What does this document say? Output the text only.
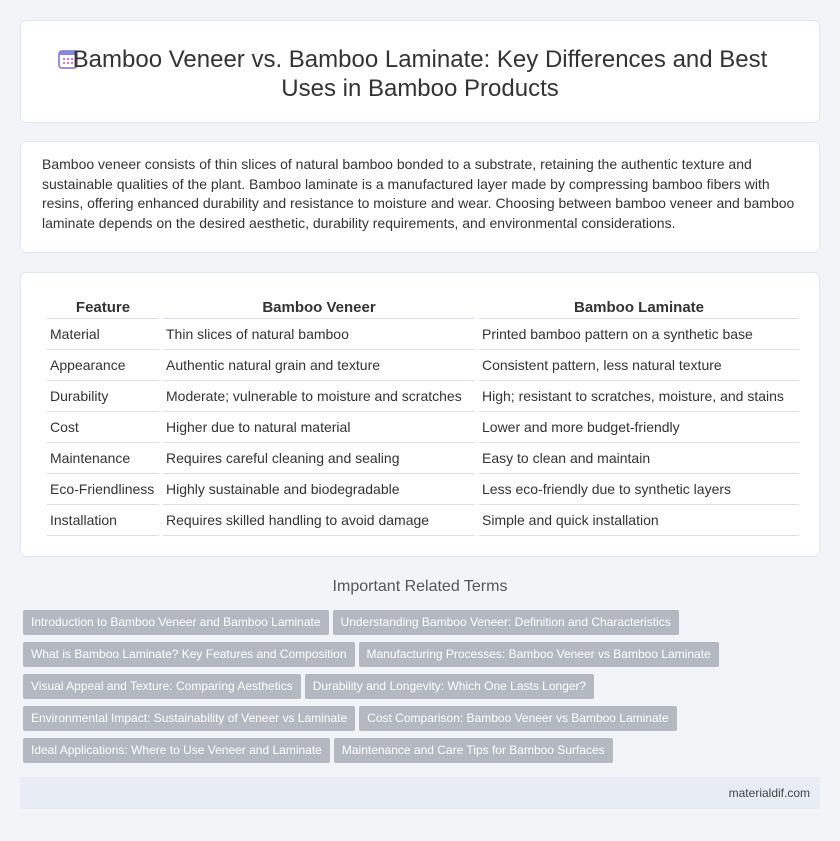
Bamboo Veneer vs. Bamboo Laminate: Key Differences and Best Uses in Bamboo Products

Bamboo veneer consists of thin slices of natural bamboo bonded to a substrate, retaining the authentic texture and sustainable qualities of the plant. Bamboo laminate is a manufactured layer made by compressing bamboo fibers with resins, offering enhanced durability and resistance to moisture and wear. Choosing between bamboo veneer and bamboo laminate depends on the desired aesthetic, durability requirements, and environmental considerations.

Feature	Bamboo Veneer	Bamboo Laminate
Material	Thin slices of natural bamboo	Printed bamboo pattern on a synthetic base
Appearance	Authentic natural grain and texture	Consistent pattern, less natural texture
Durability	Moderate; vulnerable to moisture and scratches	High; resistant to scratches, moisture, and stains
Cost	Higher due to natural material	Lower and more budget-friendly
Maintenance	Requires careful cleaning and sealing	Easy to clean and maintain
Eco-Friendliness	Highly sustainable and biodegradable	Less eco-friendly due to synthetic layers
Installation	Requires skilled handling to avoid damage	Simple and quick installation
Important Related Terms
Introduction to Bamboo Veneer and Bamboo Laminate Understanding Bamboo Veneer: Definition and Characteristics
What is Bamboo Laminate? Key Features and Composition Manufacturing Processes: Bamboo Veneer vs Bamboo Laminate
Visual Appeal and Texture: Comparing Aesthetics Durability and Longevity: Which One Lasts Longer?
Environmental Impact: Sustainability of Veneer vs Laminate Cost Comparison: Bamboo Veneer vs Bamboo Laminate
Ideal Applications: Where to Use Veneer and Laminate Maintenance and Care Tips for Bamboo Surfaces
materialdif.com
